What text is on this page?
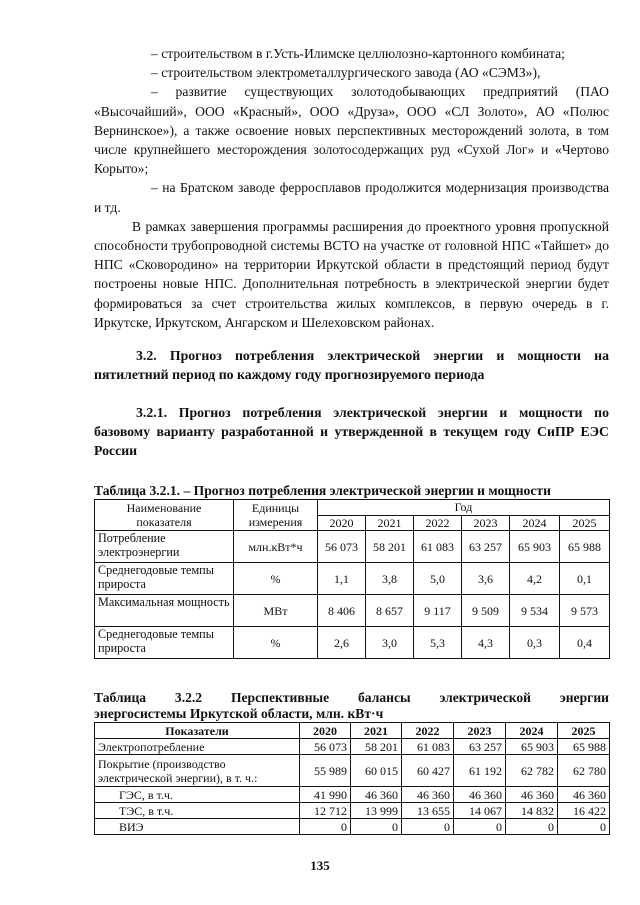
– строительством в г.Усть-Илимске целлюлозно-картонного комбината;

– строительством электрометаллургического завода (АО «СЭМЗ»),

– развитие существующих золотодобывающих предприятий (ПАО «Высочайший», ООО «Красный», ООО «Друза», ООО «СЛ Золото», АО «Полюс Вернинское»), а также освоение новых перспективных месторождений золота, в том числе крупнейшего месторождения золотосодержащих руд «Сухой Лог» и «Чертово Корыто»;

– на Братском заводе ферросплавов продолжится модернизация производства и тд.

В рамках завершения программы расширения до проектного уровня пропускной способности трубопроводной системы ВСТО на участке от головной НПС «Тайшет» до НПС «Сковородино» на территории Иркутской области в предстоящий период будут построены новые НПС. Дополнительная потребность в электрической энергии будет формироваться за счет строительства жилых комплексов, в первую очередь в г. Иркутске, Иркутском, Ангарском и Шелеховском районах.

3.2. Прогноз потребления электрической энергии и мощности на пятилетний период по каждому году прогнозируемого периода
3.2.1. Прогноз потребления электрической энергии и мощности по базовому варианту разработанной и утвержденной в текущем году СиПР ЕЭС России
Таблица 3.2.1. – Прогноз потребления электрической энергии и мощности
Наименование показателя	Единицы измерения	Год					
		2020	2021	2022	2023	2024	2025
Потребление электроэнергии	млн.кВт*ч	56 073	58 201	61 083	63 257	65 903	65 988
Среднегодовые темпы прироста	%	1,1	3,8	5,0	3,6	4,2	0,1
Максимальная мощность	МВт	8 406	8 657	9 117	9 509	9 534	9 573
Среднегодовые темпы прироста	%	2,6	3,0	5,3	4,3	0,3	0,4
Таблица 3.2.2 Перспективные балансы электрической энергии
энергосистемы Иркутской области, млн. кВт·ч
Показатели	2020	2021	2022	2023	2024	2025
Электропотребление	56 073	58 201	61 083	63 257	65 903	65 988
Покрытие (производство электрической энергии), в т. ч.:	55 989	60 015	60 427	61 192	62 782	62 780
ГЭС, в т.ч.	41 990	46 360	46 360	46 360	46 360	46 360
ТЭС, в т.ч.	12 712	13 999	13 655	14 067	14 832	16 422
ВИЭ	0	0	0	0	0	0
135
